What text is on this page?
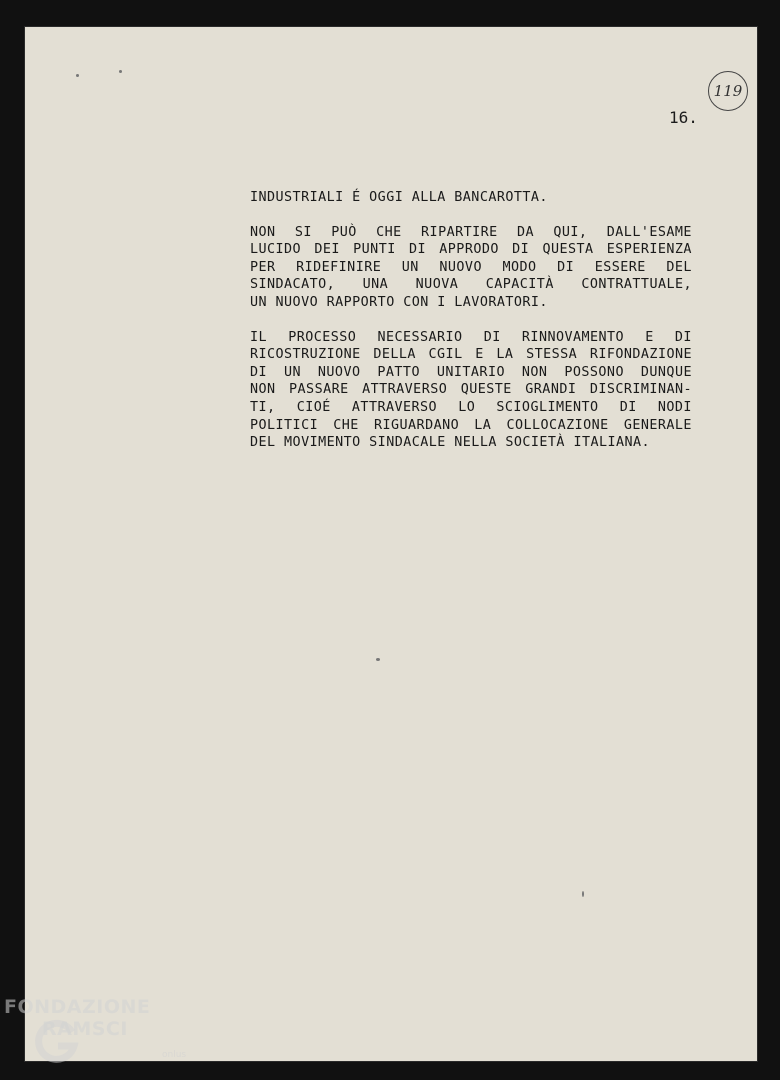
119
16.
INDUSTRIALI É OGGI ALLA BANCAROTTA.
NON SI PUÒ CHE RIPARTIRE DA QUI, DALL'ESAME
LUCIDO DEI PUNTI DI APPRODO DI QUESTA ESPERIENZA
PER RIDEFINIRE UN NUOVO MODO DI ESSERE DEL
SINDACATO, UNA NUOVA CAPACITÀ CONTRATTUALE,
UN NUOVO RAPPORTO CON I LAVORATORI.
IL PROCESSO NECESSARIO DI RINNOVAMENTO E DI
RICOSTRUZIONE DELLA CGIL E LA STESSA RIFONDAZIONE
DI UN NUOVO PATTO UNITARIO NON POSSONO DUNQUE
NON PASSARE ATTRAVERSO QUESTE GRANDI DISCRIMINAN-
TI, CIOÉ ATTRAVERSO LO SCIOGLIMENTO DI NODI
POLITICI CHE RIGUARDANO LA COLLOCAZIONE GENERALE
DEL MOVIMENTO SINDACALE NELLA SOCIETÀ ITALIANA.
FONDAZIONE
RAMSCI
onlus
